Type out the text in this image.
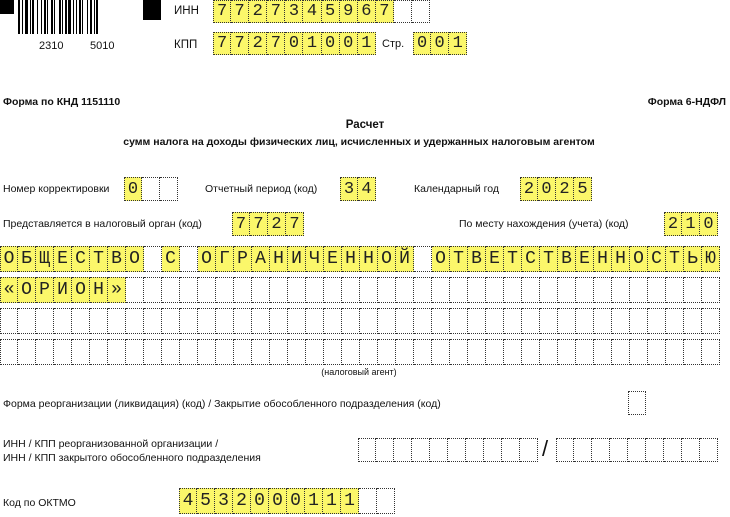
2310 5010
ИНН 7 7 2 7 3 4 5 9 6 7
КПП 7 7 2 7 0 1 0 0 1 Стр. 0 0 1
Форма по КНД 1151110	Форма 6-НДФЛ
Расчет
сумм налога на доходы физических лиц, исчисленных и удержанных налоговым агентом
Номер корректировки 0	Отчетный период (код) 3 4	Календарный год 2 0 2 5
Представляется в налоговый орган (код) 7 7 2 7	По месту нахождения (учета) (код) 2 1 0
О Б Щ Е С Т В О С О Г Р А Н И Ч Е Н Н О Й О Т В Е Т С Т В Е Н Н О С Т Ь Ю
« О Р И О Н »
(налоговый агент)
Форма реорганизации (ликвидация) (код) / Закрытие обособленного подразделения (код)
ИНН / КПП реорганизованной организации /
ИНН / КПП закрытого обособленного подразделения	/
Код по ОКТМО	4 5 3 2 0 0 0 1 1 1
